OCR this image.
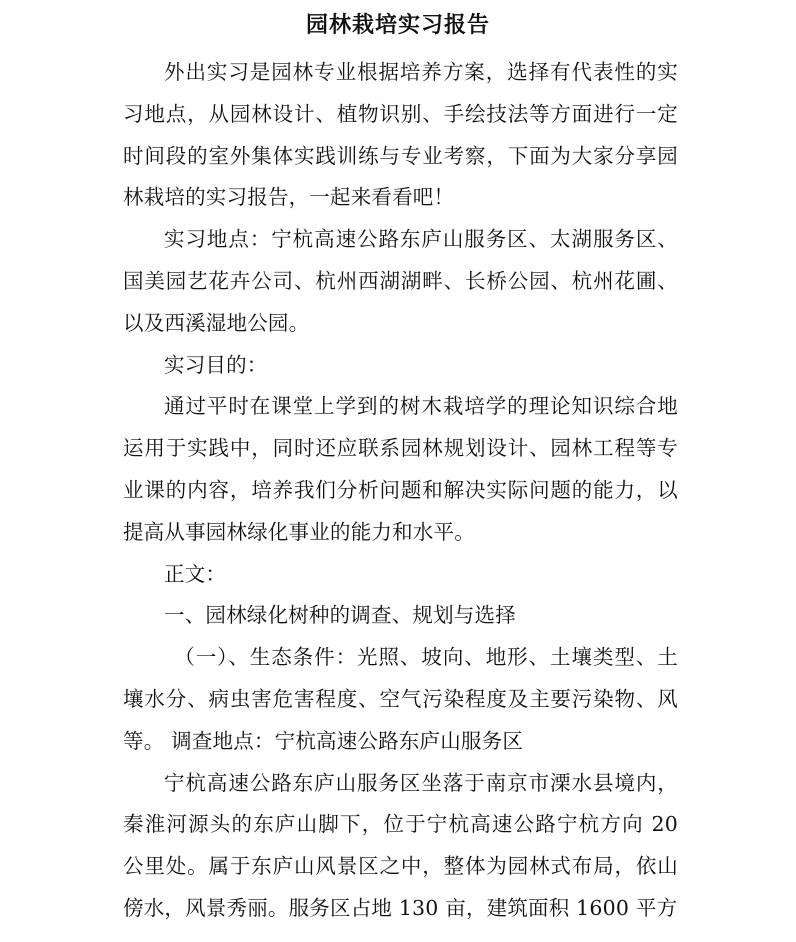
园林栽培实习报告

外出实习是园林专业根据培养方案，选择有代表性的实习地点，从园林设计、植物识别、手绘技法等方面进行一定时间段的室外集体实践训练与专业考察，下面为大家分享园林栽培的实习报告，一起来看看吧！

实习地点：宁杭高速公路东庐山服务区、太湖服务区、国美园艺花卉公司、杭州西湖湖畔、长桥公园、杭州花圃、以及西溪湿地公园。

实习目的：

通过平时在课堂上学到的树木栽培学的理论知识综合地运用于实践中，同时还应联系园林规划设计、园林工程等专业课的内容，培养我们分析问题和解决实际问题的能力，以提高从事园林绿化事业的能力和水平。

正文：

一、园林绿化树种的调查、规划与选择

（一）、生态条件：光照、坡向、地形、土壤类型、土壤水分、病虫害危害程度、空气污染程度及主要污染物、风等。 调查地点：宁杭高速公路东庐山服务区

宁杭高速公路东庐山服务区坐落于南京市溧水县境内，秦淮河源头的东庐山脚下，位于宁杭高速公路宁杭方向 20 公里处。属于东庐山风景区之中，整体为园林式布局，依山傍水，风景秀丽。服务区占地 130 亩，建筑面积 1600 平方
